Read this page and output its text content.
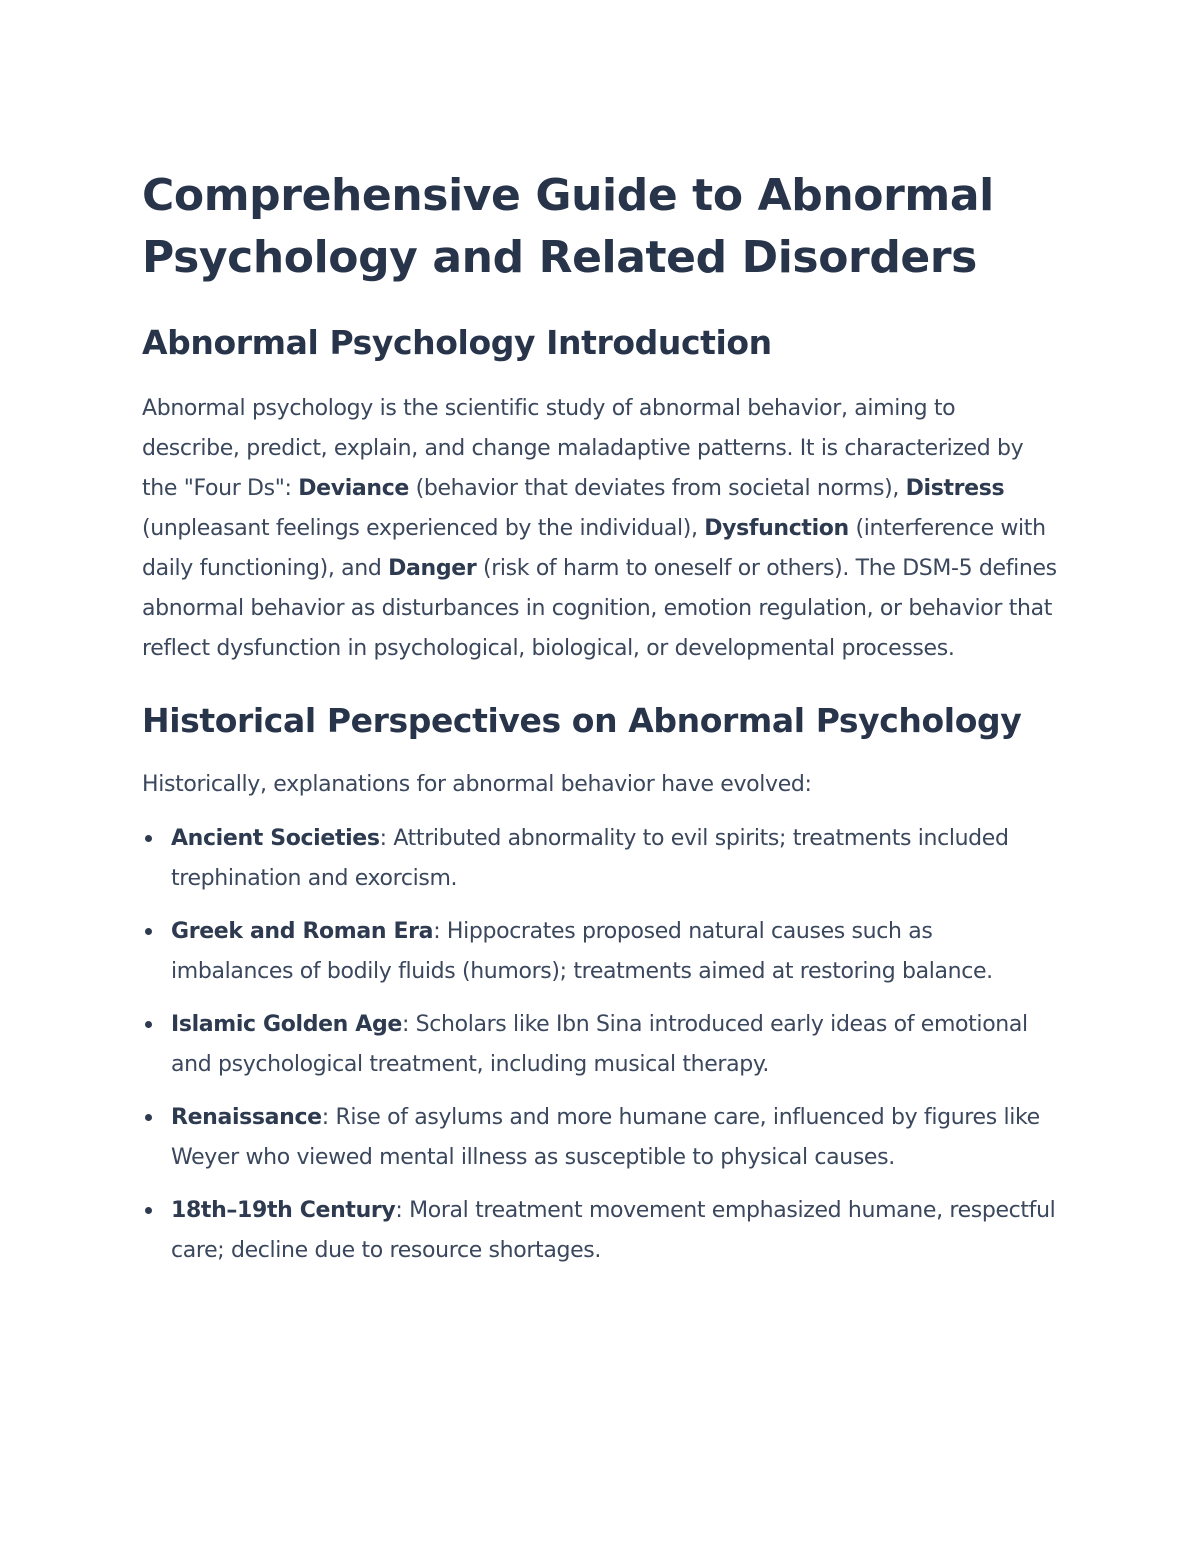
Comprehensive Guide to Abnormal Psychology and Related Disorders
Abnormal Psychology Introduction

Abnormal psychology is the scientific study of abnormal behavior, aiming to describe, predict, explain, and change maladaptive patterns. It is characterized by the "Four Ds": Deviance (behavior that deviates from societal norms), Distress (unpleasant feelings experienced by the individual), Dysfunction (interference with daily functioning), and Danger (risk of harm to oneself or others). The DSM-5 defines abnormal behavior as disturbances in cognition, emotion regulation, or behavior that reflect dysfunction in psychological, biological, or developmental processes.

Historical Perspectives on Abnormal Psychology

Historically, explanations for abnormal behavior have evolved:

Ancient Societies: Attributed abnormality to evil spirits; treatments included trephination and exorcism.
Greek and Roman Era: Hippocrates proposed natural causes such as imbalances of bodily fluids (humors); treatments aimed at restoring balance.
Islamic Golden Age: Scholars like Ibn Sina introduced early ideas of emotional and psychological treatment, including musical therapy.
Renaissance: Rise of asylums and more humane care, influenced by figures like Weyer who viewed mental illness as susceptible to physical causes.
18th–19th Century: Moral treatment movement emphasized humane, respectful care; decline due to resource shortages.
